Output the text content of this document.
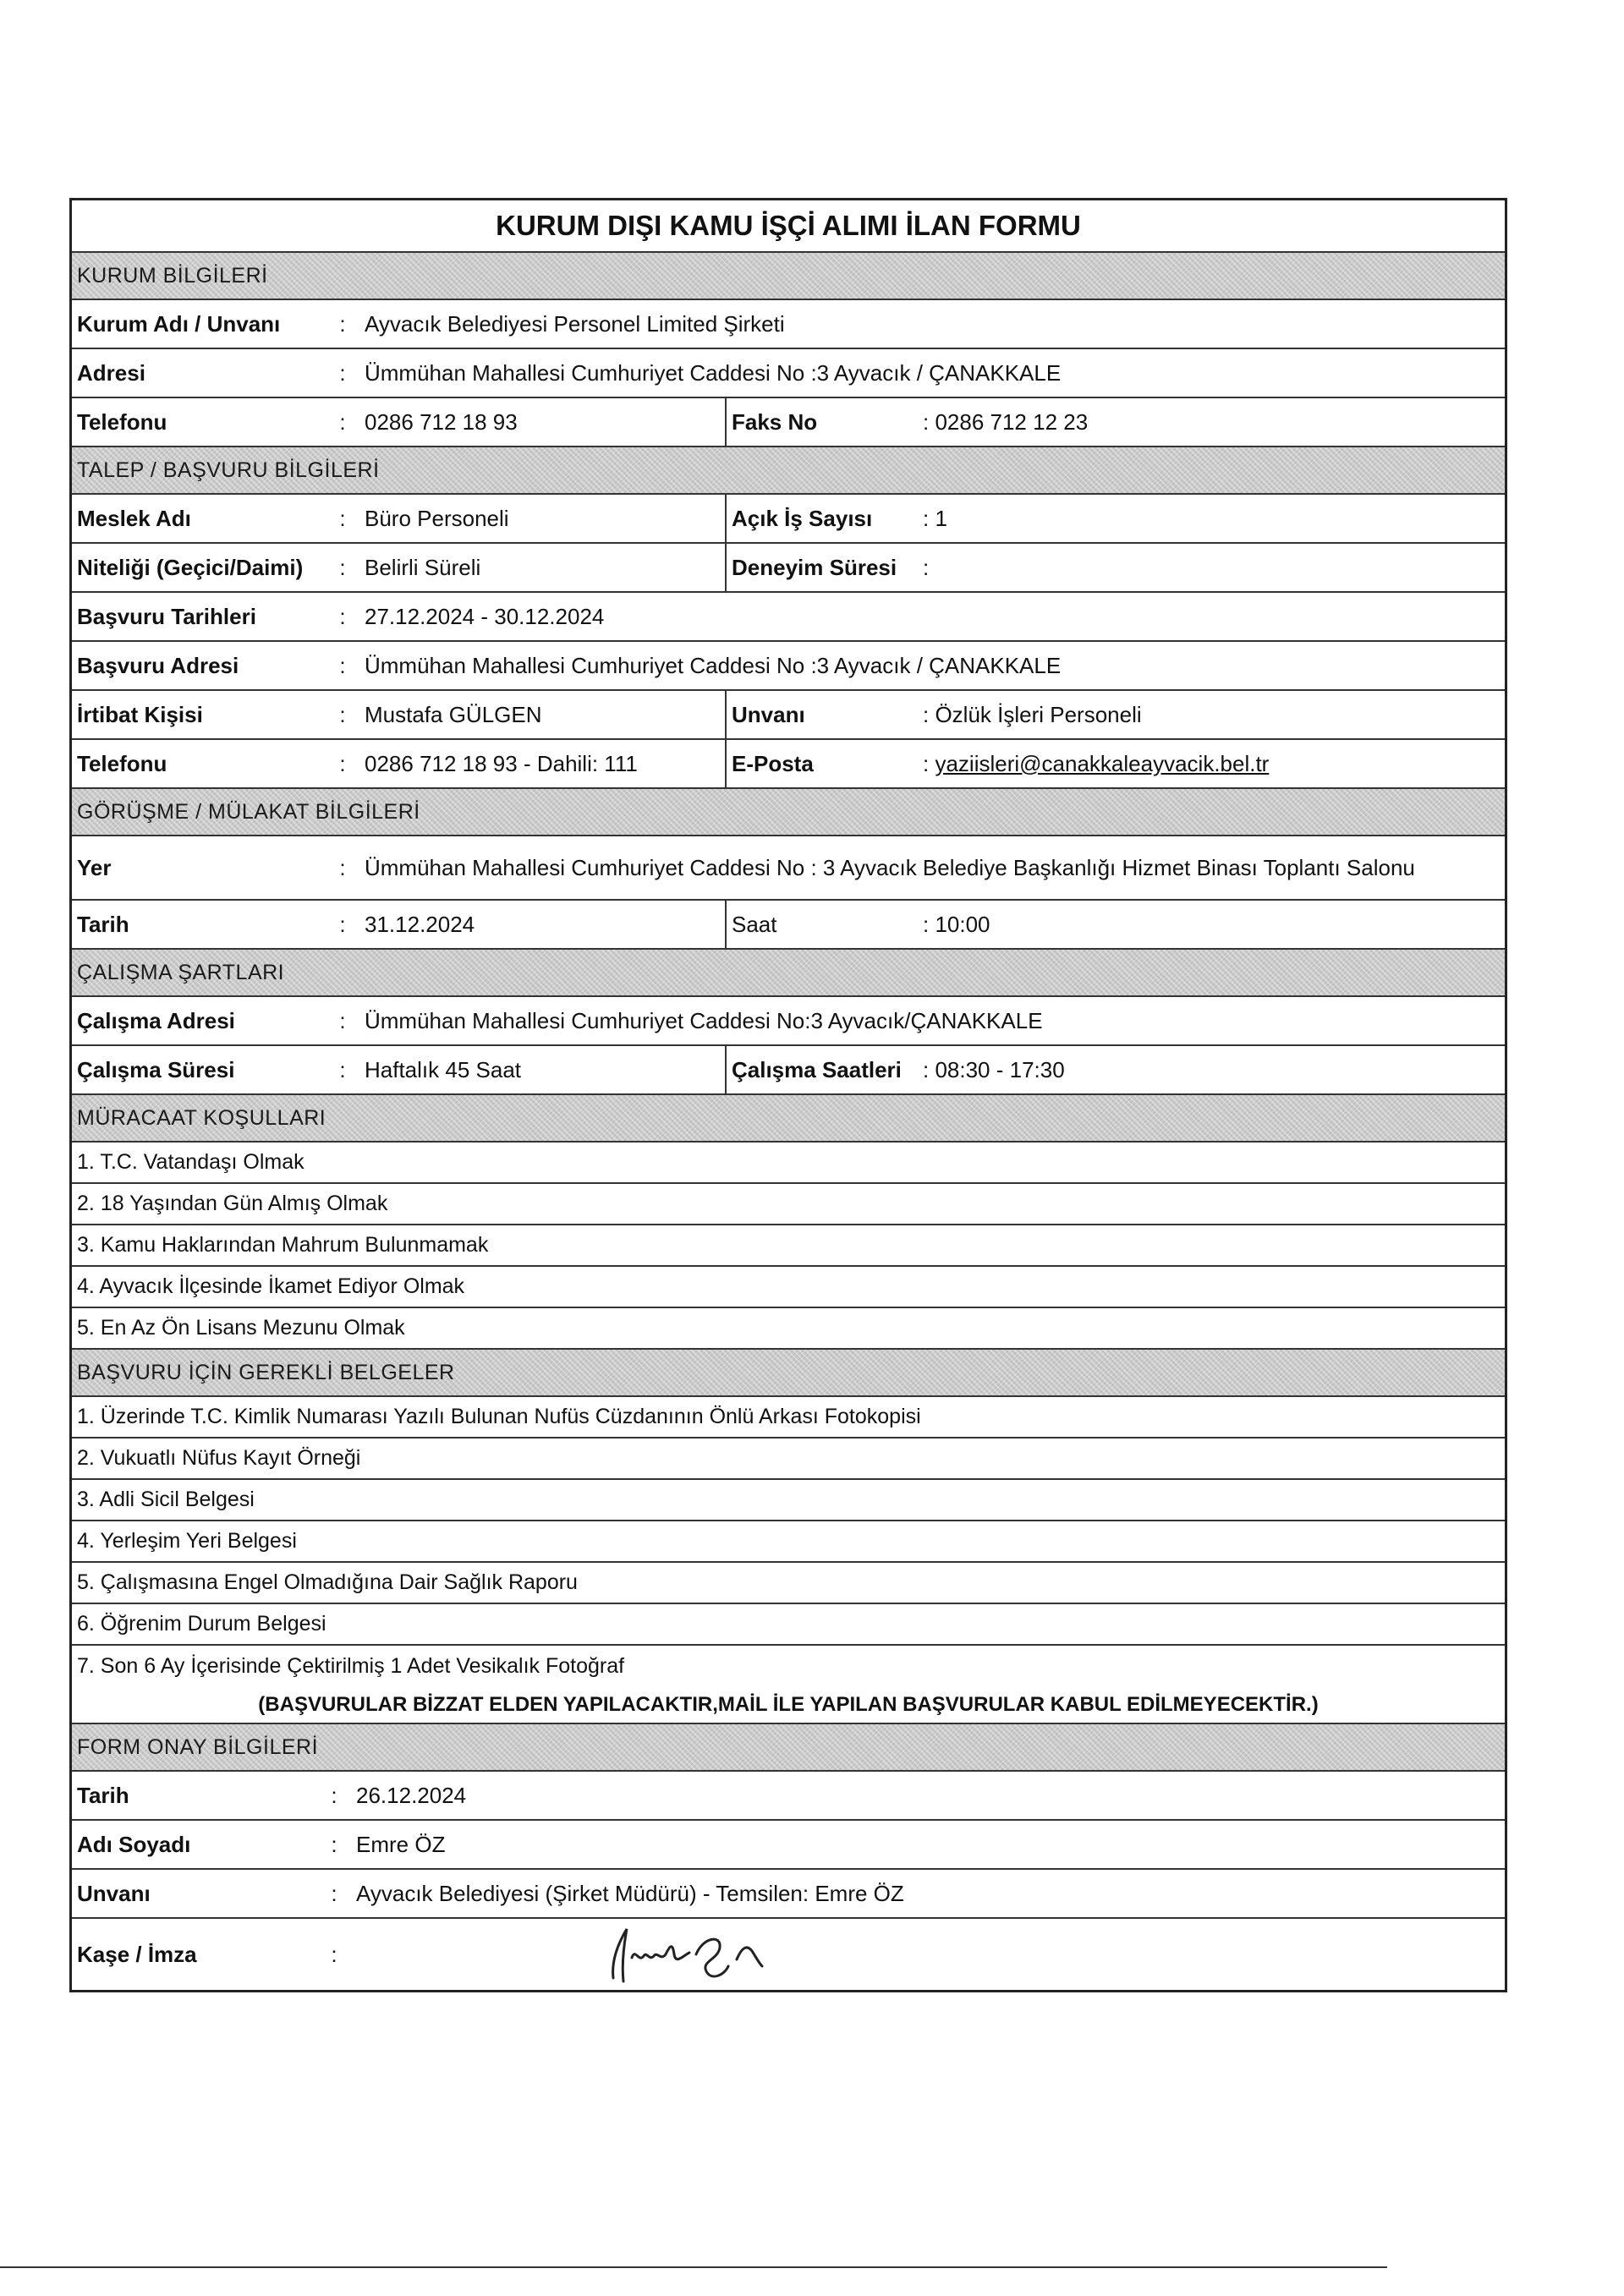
KURUM DIŞI KAMU İŞÇİ ALIMI İLAN FORMU
KURUM BİLGİLERİ
Kurum Adı / Unvanı	: Ayvacık Belediyesi Personel Limited Şirketi
Adresi	: Ümmühan Mahallesi Cumhuriyet Caddesi No :3 Ayvacık / ÇANAKKALE
Telefonu	: 0286 712 18 93	Faks No	: 0286 712 12 23
TALEP / BAŞVURU BİLGİLERİ
Meslek Adı	: Büro Personeli	Açık İş Sayısı	: 1
Niteliği (Geçici/Daimi)	: Belirli Süreli	Deneyim Süresi	:
Başvuru Tarihleri	: 27.12.2024 - 30.12.2024
Başvuru Adresi	: Ümmühan Mahallesi Cumhuriyet Caddesi No :3 Ayvacık / ÇANAKKALE
İrtibat Kişisi	: Mustafa GÜLGEN	Unvanı	: Özlük İşleri Personeli
Telefonu	: 0286 712 18 93 - Dahili: 111	E-Posta	:
yaziisleri@canakkaleayvacik.bel.tr
GÖRÜŞME / MÜLAKAT BİLGİLERİ
Yer	: Ümmühan Mahallesi Cumhuriyet Caddesi No : 3 Ayvacık Belediye Başkanlığı Hizmet Binası Toplantı Salonu
Tarih	: 31.12.2024	Saat	: 10:00
ÇALIŞMA ŞARTLARI
Çalışma Adresi	: Ümmühan Mahallesi Cumhuriyet Caddesi No:3 Ayvacık/ÇANAKKALE
Çalışma Süresi	: Haftalık 45 Saat	Çalışma Saatleri : 08:30 - 17:30
MÜRACAAT KOŞULLARI
1. T.C. Vatandaşı Olmak
2. 18 Yaşından Gün Almış Olmak
3. Kamu Haklarından Mahrum Bulunmamak
4. Ayvacık İlçesinde İkamet Ediyor Olmak
5. En Az Ön Lisans Mezunu Olmak
BAŞVURU İÇİN GEREKLİ BELGELER
1. Üzerinde T.C. Kimlik Numarası Yazılı Bulunan Nufüs Cüzdanının Önlü Arkası Fotokopisi
2. Vukuatlı Nüfus Kayıt Örneği
3. Adli Sicil Belgesi
4. Yerleşim Yeri Belgesi
5. Çalışmasına Engel Olmadığına Dair Sağlık Raporu
6. Öğrenim Durum Belgesi
7. Son 6 Ay İçerisinde Çektirilmiş 1 Adet Vesikalık Fotoğraf
(BAŞVURULAR BİZZAT ELDEN YAPILACAKTIR,MAİL İLE YAPILAN BAŞVURULAR KABUL EDİLMEYECEKTİR.)
FORM ONAY BİLGİLERİ
Tarih	: 26.12.2024
Adı Soyadı	: Emre ÖZ
Unvanı	: Ayvacık Belediyesi (Şirket Müdürü) - Temsilen: Emre ÖZ
Kaşe / İmza	:
